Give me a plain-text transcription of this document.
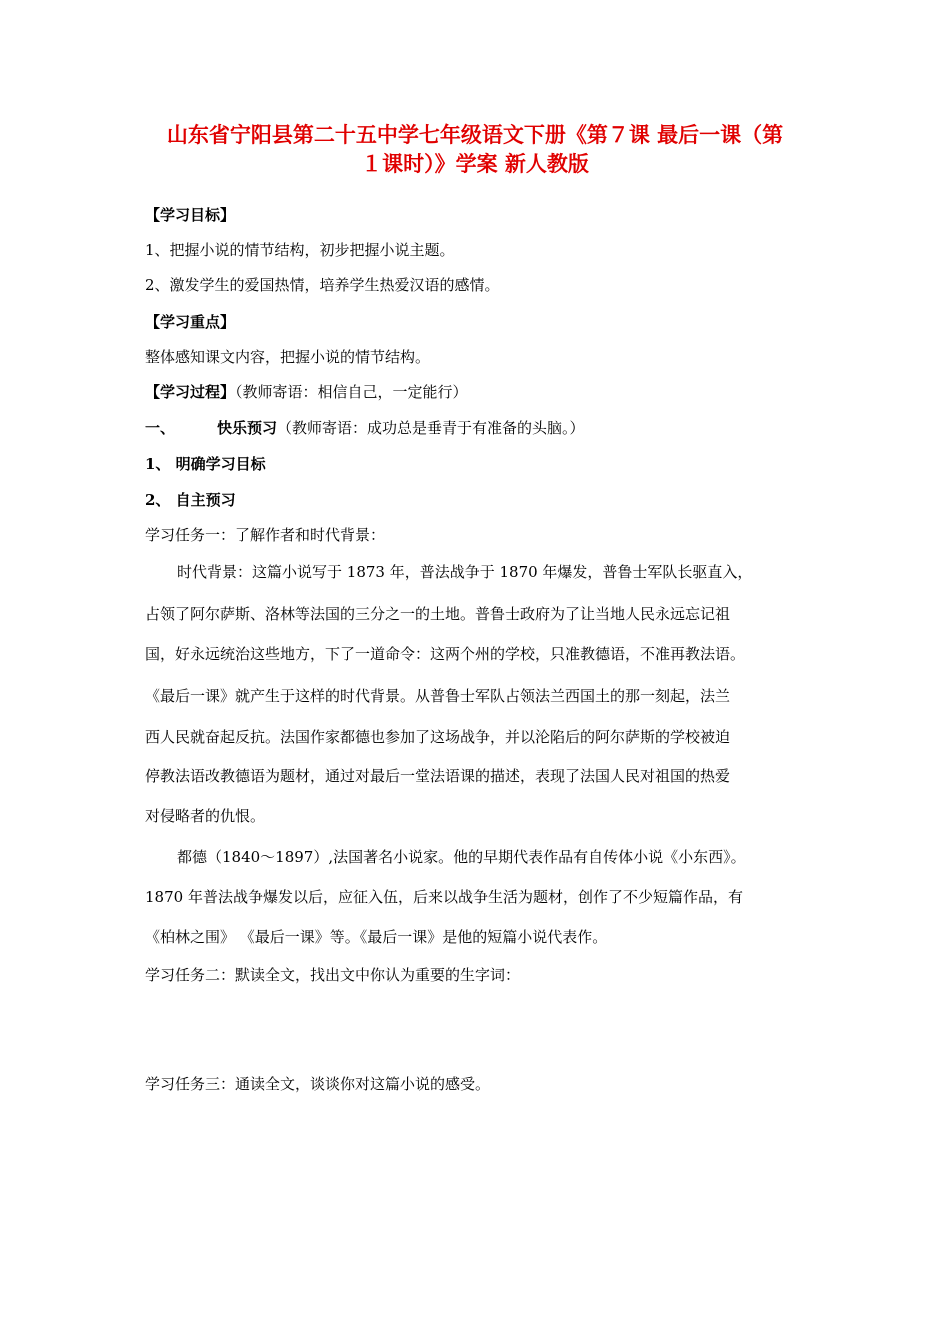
山东省宁阳县第二十五中学七年级语文下册《第７课 最后一课（第
１课时）》学案 新人教版
【学习目标】
1、把握小说的情节结构，初步把握小说主题。
2、激发学生的爱国热情，培养学生热爱汉语的感情。
【学习重点】
整体感知课文内容，把握小说的情节结构。
【学习过程】（教师寄语：相信自己，一定能行）
一、	快乐预习（教师寄语：成功总是垂青于有准备的头脑。）
1、 明确学习目标
2、 自主预习
学习任务一：了解作者和时代背景：
时代背景：这篇小说写于 1873 年，普法战争于 1870 年爆发，普鲁士军队长驱直入，
占领了阿尔萨斯、洛林等法国的三分之一的土地。普鲁士政府为了让当地人民永远忘记祖
国，好永远统治这些地方，下了一道命令：这两个州的学校，只准教德语，不准再教法语。
《最后一课》就产生于这样的时代背景。从普鲁士军队占领法兰西国土的那一刻起，法兰
西人民就奋起反抗。法国作家都德也参加了这场战争，并以沦陷后的阿尔萨斯的学校被迫
停教法语改教德语为题材，通过对最后一堂法语课的描述，表现了法国人民对祖国的热爱
对侵略者的仇恨。
都德（1840～1897）,法国著名小说家。他的早期代表作品有自传体小说《小东西》。
1870 年普法战争爆发以后，应征入伍，后来以战争生活为题材，创作了不少短篇作品，有
《柏林之围》 《最后一课》等。《最后一课》是他的短篇小说代表作。
学习任务二：默读全文，找出文中你认为重要的生字词：
学习任务三：通读全文，谈谈你对这篇小说的感受。
